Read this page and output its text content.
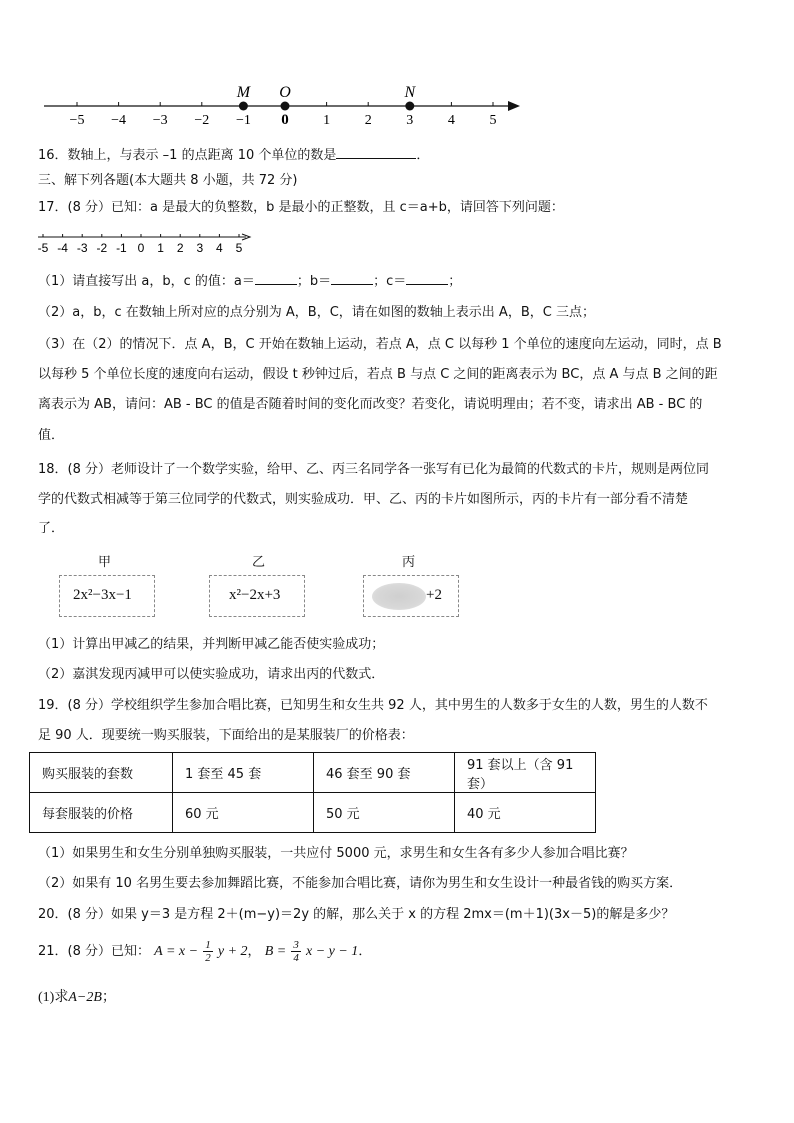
−5 −4 −3 −2 −1 0 1 2 3 4 5
M O	N
16．数轴上，与表示 –1 的点距离 10 个单位的数是	．
三、解下列各题(本大题共 8 小题，共 72 分)
17．(8 分）已知：a 是最大的负整数，b 是最小的正整数，且 c＝a+b，请回答下列问题：
-5 -4 -3 -2 -1 0 1 2 3 4 5
（1）请直接写出 a，b，c 的值：a＝	；b＝	；c＝	；
（2）a，b，c 在数轴上所对应的点分别为 A，B，C，请在如图的数轴上表示出 A，B，C 三点；
（3）在（2）的情况下．点 A，B，C 开始在数轴上运动，若点 A，点 C 以每秒 1 个单位的速度向左运动，同时，点 B
以每秒 5 个单位长度的速度向右运动，假设 t 秒钟过后，若点 B 与点 C 之间的距离表示为 BC，点 A 与点 B 之间的距
离表示为 AB，请问：AB - BC 的值是否随着时间的变化而改变？若变化，请说明理由；若不变，请求出 AB - BC 的
值．
18．(8 分）老师设计了一个数学实验，给甲、乙、丙三名同学各一张写有已化为最简的代数式的卡片，规则是两位同
学的代数式相减等于第三位同学的代数式，则实验成功．甲、乙、丙的卡片如图所示，丙的卡片有一部分看不清楚
了．
甲	乙	丙
2x²−3x−1	x²−2x+3	+2
（1）计算出甲减乙的结果，并判断甲减乙能否使实验成功；
（2）嘉淇发现丙减甲可以使实验成功，请求出丙的代数式．
19．(8 分）学校组织学生参加合唱比赛，已知男生和女生共 92 人，其中男生的人数多于女生的人数，男生的人数不
足 90 人．现要统一购买服装，下面给出的是某服装厂的价格表：
购买服装的套数	1 套至 45 套	46 套至 90 套	91 套以上（含 91 套）
每套服装的价格	60 元	50 元	40 元
（1）如果男生和女生分别单独购买服装，一共应付 5000 元，求男生和女生各有多少人参加合唱比赛？
（2）如果有 10 名男生要去参加舞蹈比赛，不能参加合唱比赛，请你为男生和女生设计一种最省钱的购买方案．
20．(8 分）如果 y＝3 是方程 2＋(m−y)＝2y 的解，那么关于 x 的方程 2mx＝(m＋1)(3x－5)的解是多少？
21．(8 分）已知： $A = x - \frac{1}{2}$ y + 2， $B = \frac{3}{4}$ x − y − 1．
(1)求A−2B；
